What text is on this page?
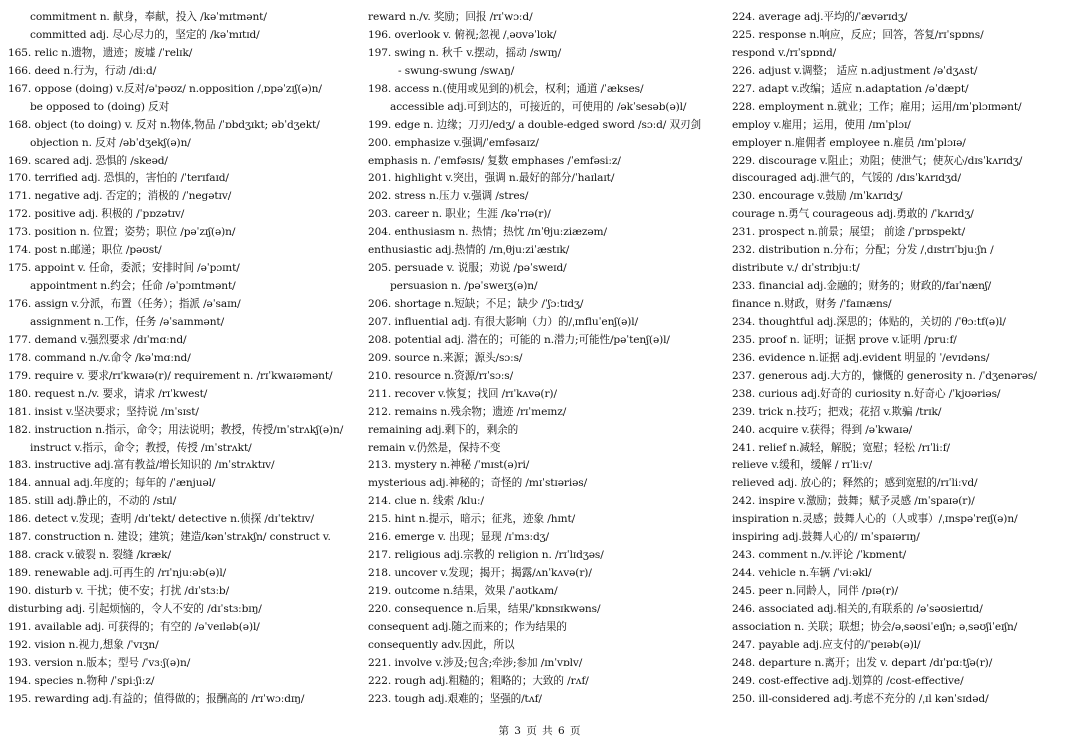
commitment n. 献身，奉献，投入 /kəˈmɪtmənt/
committed adj. 尽心尽力的，坚定的 /kəˈmɪtɪd/
165. relic n.遗物，遗迹；废墟 /ˈrelɪk/
166. deed n.行为，行动 /diːd/
167. oppose (doing) v.反对/ə'pəʊz/ n.opposition /ˌɒpəˈzɪʃ(ə)n/
be opposed to (doing) 反对
168. object (to doing) v. 反对 n.物体,物品 /ˈɒbdʒɪkt; əbˈdʒekt/
objection n. 反对 /əbˈdʒekʃ(ə)n/
169. scared adj. 恐惧的 /skeəd/
170. terrified adj. 恐惧的，害怕的 /ˈterɪfaɪd/
171. negative adj. 否定的；消极的 /ˈnegətɪv/
172. positive adj. 积极的 /ˈpɒzətɪv/
173. position n. 位置；姿势；职位 /pəˈzɪʃ(ə)n/
174. post n.邮递；职位 /pəʊst/
175. appoint v. 任命，委派；安排时间 /əˈpɔɪnt/
appointment n.约会；任命 /əˈpɔɪntmənt/
176. assign v.分派，布置（任务）；指派 /əˈsaɪn/
assignment n.工作，任务 /əˈsaɪnmənt/
177. demand v.强烈要求 /dɪˈmɑːnd/
178. command n./v.命令 /kəˈmɑːnd/
179. require v. 要求/rɪ'kwaɪə(r)/ requirement n. /rɪˈkwaɪəmənt/
180. request n./v. 要求，请求 /rɪˈkwest/
181. insist v.坚决要求；坚持说 /ɪnˈsɪst/
182. instruction n.指示，命令；用法说明；教授，传授/ɪnˈstrʌkʃ(ə)n/
instruct v.指示，命令；教授，传授 /ɪnˈstrʌkt/
183. instructive adj.富有教益/增长知识的 /ɪnˈstrʌktɪv/
184. annual adj.年度的；每年的 /ˈænjuəl/
185. still adj.静止的，不动的 /stɪl/
186. detect v.发现；查明 /dɪˈtekt/ detective n.侦探 /dɪˈtektɪv/
187. construction n. 建设；建筑；建造/kənˈstrʌkʃn/ construct v.
188. crack v.破裂 n. 裂缝 /kræk/
189. renewable adj.可再生的 /rɪˈnjuːəb(ə)l/
190. disturb v. 干扰；使不安；打扰 /dɪˈstɜːb/
disturbing adj. 引起烦恼的，令人不安的 /dɪˈstɜːbɪŋ/
191. available adj. 可获得的；有空的 /əˈveɪləb(ə)l/
192. vision n.视力,想象 /ˈvɪʒn/
193. version n.版本；型号 /ˈvɜːʃ(ə)n/
194. species n.物种 /ˈspiːʃiːz/
195. rewarding adj.有益的；值得做的；报酬高的 /rɪˈwɔːdɪŋ/
reward n./v. 奖励；回报 /rɪˈwɔːd/
196. overlook v. 俯视;忽视 /ˌəʊvəˈlʊk/
197. swing n. 秋千 v.摆动，摇动 /swɪŋ/
- swung-swung /swʌŋ/
198. access n.(使用或见到的)机会，权利；通道 /ˈækses/
accessible adj.可到达的，可接近的，可使用的 /əkˈsesəb(ə)l/
199. edge n. 边缘；刀刃/edʒ/ a double-edged sword /sɔːd/ 双刃剑
200. emphasize v.强调/ˈemfəsaɪz/
emphasis n. /ˈemfəsɪs/ 复数 emphases /ˈemfəsiːz/
201. highlight v.突出，强调 n.最好的部分/ˈhaɪlaɪt/
202. stress n.压力 v.强调 /stres/
203. career n. 职业；生涯 /kəˈrɪə(r)/
204. enthusiasm n. 热情；热忱 /ɪnˈθjuːziæzəm/
enthusiastic adj.热情的 /ɪnˌθjuːziˈæstɪk/
205. persuade v. 说服；劝说 /pəˈsweɪd/
persuasion n. /pəˈsweɪʒ(ə)n/
206. shortage n.短缺；不足；缺少 /ˈʃɔːtɪdʒ/
207. influential adj. 有很大影响（力）的/ˌɪnfluˈenʃ(ə)l/
208. potential adj. 潜在的；可能的 n.潜力;可能性/pəˈtenʃ(ə)l/
209. source n.来源；源头/sɔːs/
210. resource n.资源/rɪˈsɔːs/
211. recover v.恢复；找回 /rɪˈkʌvə(r)/
212. remains n.残余物；遗迹 /rɪˈmeɪnz/
remaining adj.剩下的，剩余的
remain v.仍然是，保持不变
213. mystery n.神秘 /ˈmɪst(ə)ri/
mysterious adj.神秘的；奇怪的 /mɪˈstɪəriəs/
214. clue n. 线索 /kluː/
215. hint n.提示，暗示；征兆，迹象 /hɪnt/
216. emerge v. 出现；显现 /ɪˈmɜːdʒ/
217. religious adj.宗教的 religion n. /rɪˈlɪdʒəs/
218. uncover v.发现；揭开；揭露/ʌnˈkʌvə(r)/
219. outcome n.结果，效果 /ˈaʊtkʌm/
220. consequence n.后果，结果/ˈkɒnsɪkwəns/
consequent adj.随之而来的；作为结果的
consequently adv.因此，所以
221. involve v.涉及;包含;牵涉;参加 /ɪnˈvɒlv/
222. rough adj.粗糙的；粗略的；大致的 /rʌf/
223. tough adj.艰难的；坚强的/tʌf/
224. average adj.平均的/ˈævərɪdʒ/
225. response n.响应，反应；回答，答复/rɪˈspɒns/
respond v./rɪˈspɒnd/
226. adjust v.调整； 适应 n.adjustment /əˈdʒʌst/
227. adapt v.改编；适应 n.adaptation /əˈdæpt/
228. employment n.就业；工作；雇用；运用/ɪmˈplɔɪmənt/
employ v.雇用；运用，使用 /ɪmˈplɔɪ/
employer n.雇佣者 employee n.雇员 /ɪmˈplɔɪə/
229. discourage v.阻止；劝阻；使泄气；使灰心/dɪsˈkʌrɪdʒ/
discouraged adj.泄气的，气馁的 /dɪsˈkʌrɪdʒd/
230. encourage v.鼓励 /ɪnˈkʌrɪdʒ/
courage n.勇气 courageous adj.勇敢的 /ˈkʌrɪdʒ/
231. prospect n.前景；展望； 前途 /ˈprɒspekt/
232. distribution n.分布；分配；分发 /ˌdɪstrɪˈbjuːʃn /
distribute v./ dɪˈstrɪbjuːt/
233. financial adj.金融的；财务的；财政的/faɪˈnænʃ/
finance n.财政，财务 /ˈfaɪnæns/
234. thoughtful adj.深思的；体贴的，关切的 /ˈθɔːtf(ə)l/
235. proof n. 证明；证据 prove v.证明 /pruːf/
236. evidence n.证据 adj.evident 明显的 ˈ/evɪdəns/
237. generous adj.大方的，慷慨的 generosity n. /ˈdʒenərəs/
238. curious adj.好奇的 curiosity n.好奇心 /ˈkjʊəriəs/
239. trick n.技巧；把戏；花招 v.欺骗 /trɪk/
240. acquire v.获得；得到 /əˈkwaɪə/
241. relief n.减轻，解脱；宽慰；轻松 /rɪˈliːf/
relieve v.缓和，缓解 / rɪˈliːv/
relieved adj. 放心的；释然的；感到宽慰的/rɪˈliːvd/
242. inspire v.激励；鼓舞；赋予灵感 /ɪnˈspaɪə(r)/
inspiration n.灵感；鼓舞人心的（人或事）/ˌɪnspəˈreɪʃ(ə)n/
inspiring adj.鼓舞人心的/ ɪnˈspaɪərɪŋ/
243. comment n./v.评论 /ˈkɒment/
244. vehicle n.车辆 /ˈviːəkl/
245. peer n.同龄人，同伴 /pɪə(r)/
246. associated adj.相关的,有联系的 /əˈsəʊsieɪtɪd/
association n. 关联；联想；协会/əˌsəʊsiˈeɪʃn; əˌsəʊʃiˈeɪʃn/
247. payable adj.应支付的/ˈpeɪəb(ə)l/
248. departure n.离开；出发 v. depart /dɪˈpɑːtʃə(r)/
249. cost-effective adj.划算的 /cost-effective/
250. ill-considered adj.考虑不充分的 /ˌɪl kənˈsɪdəd/
第 3 页 共 6 页
